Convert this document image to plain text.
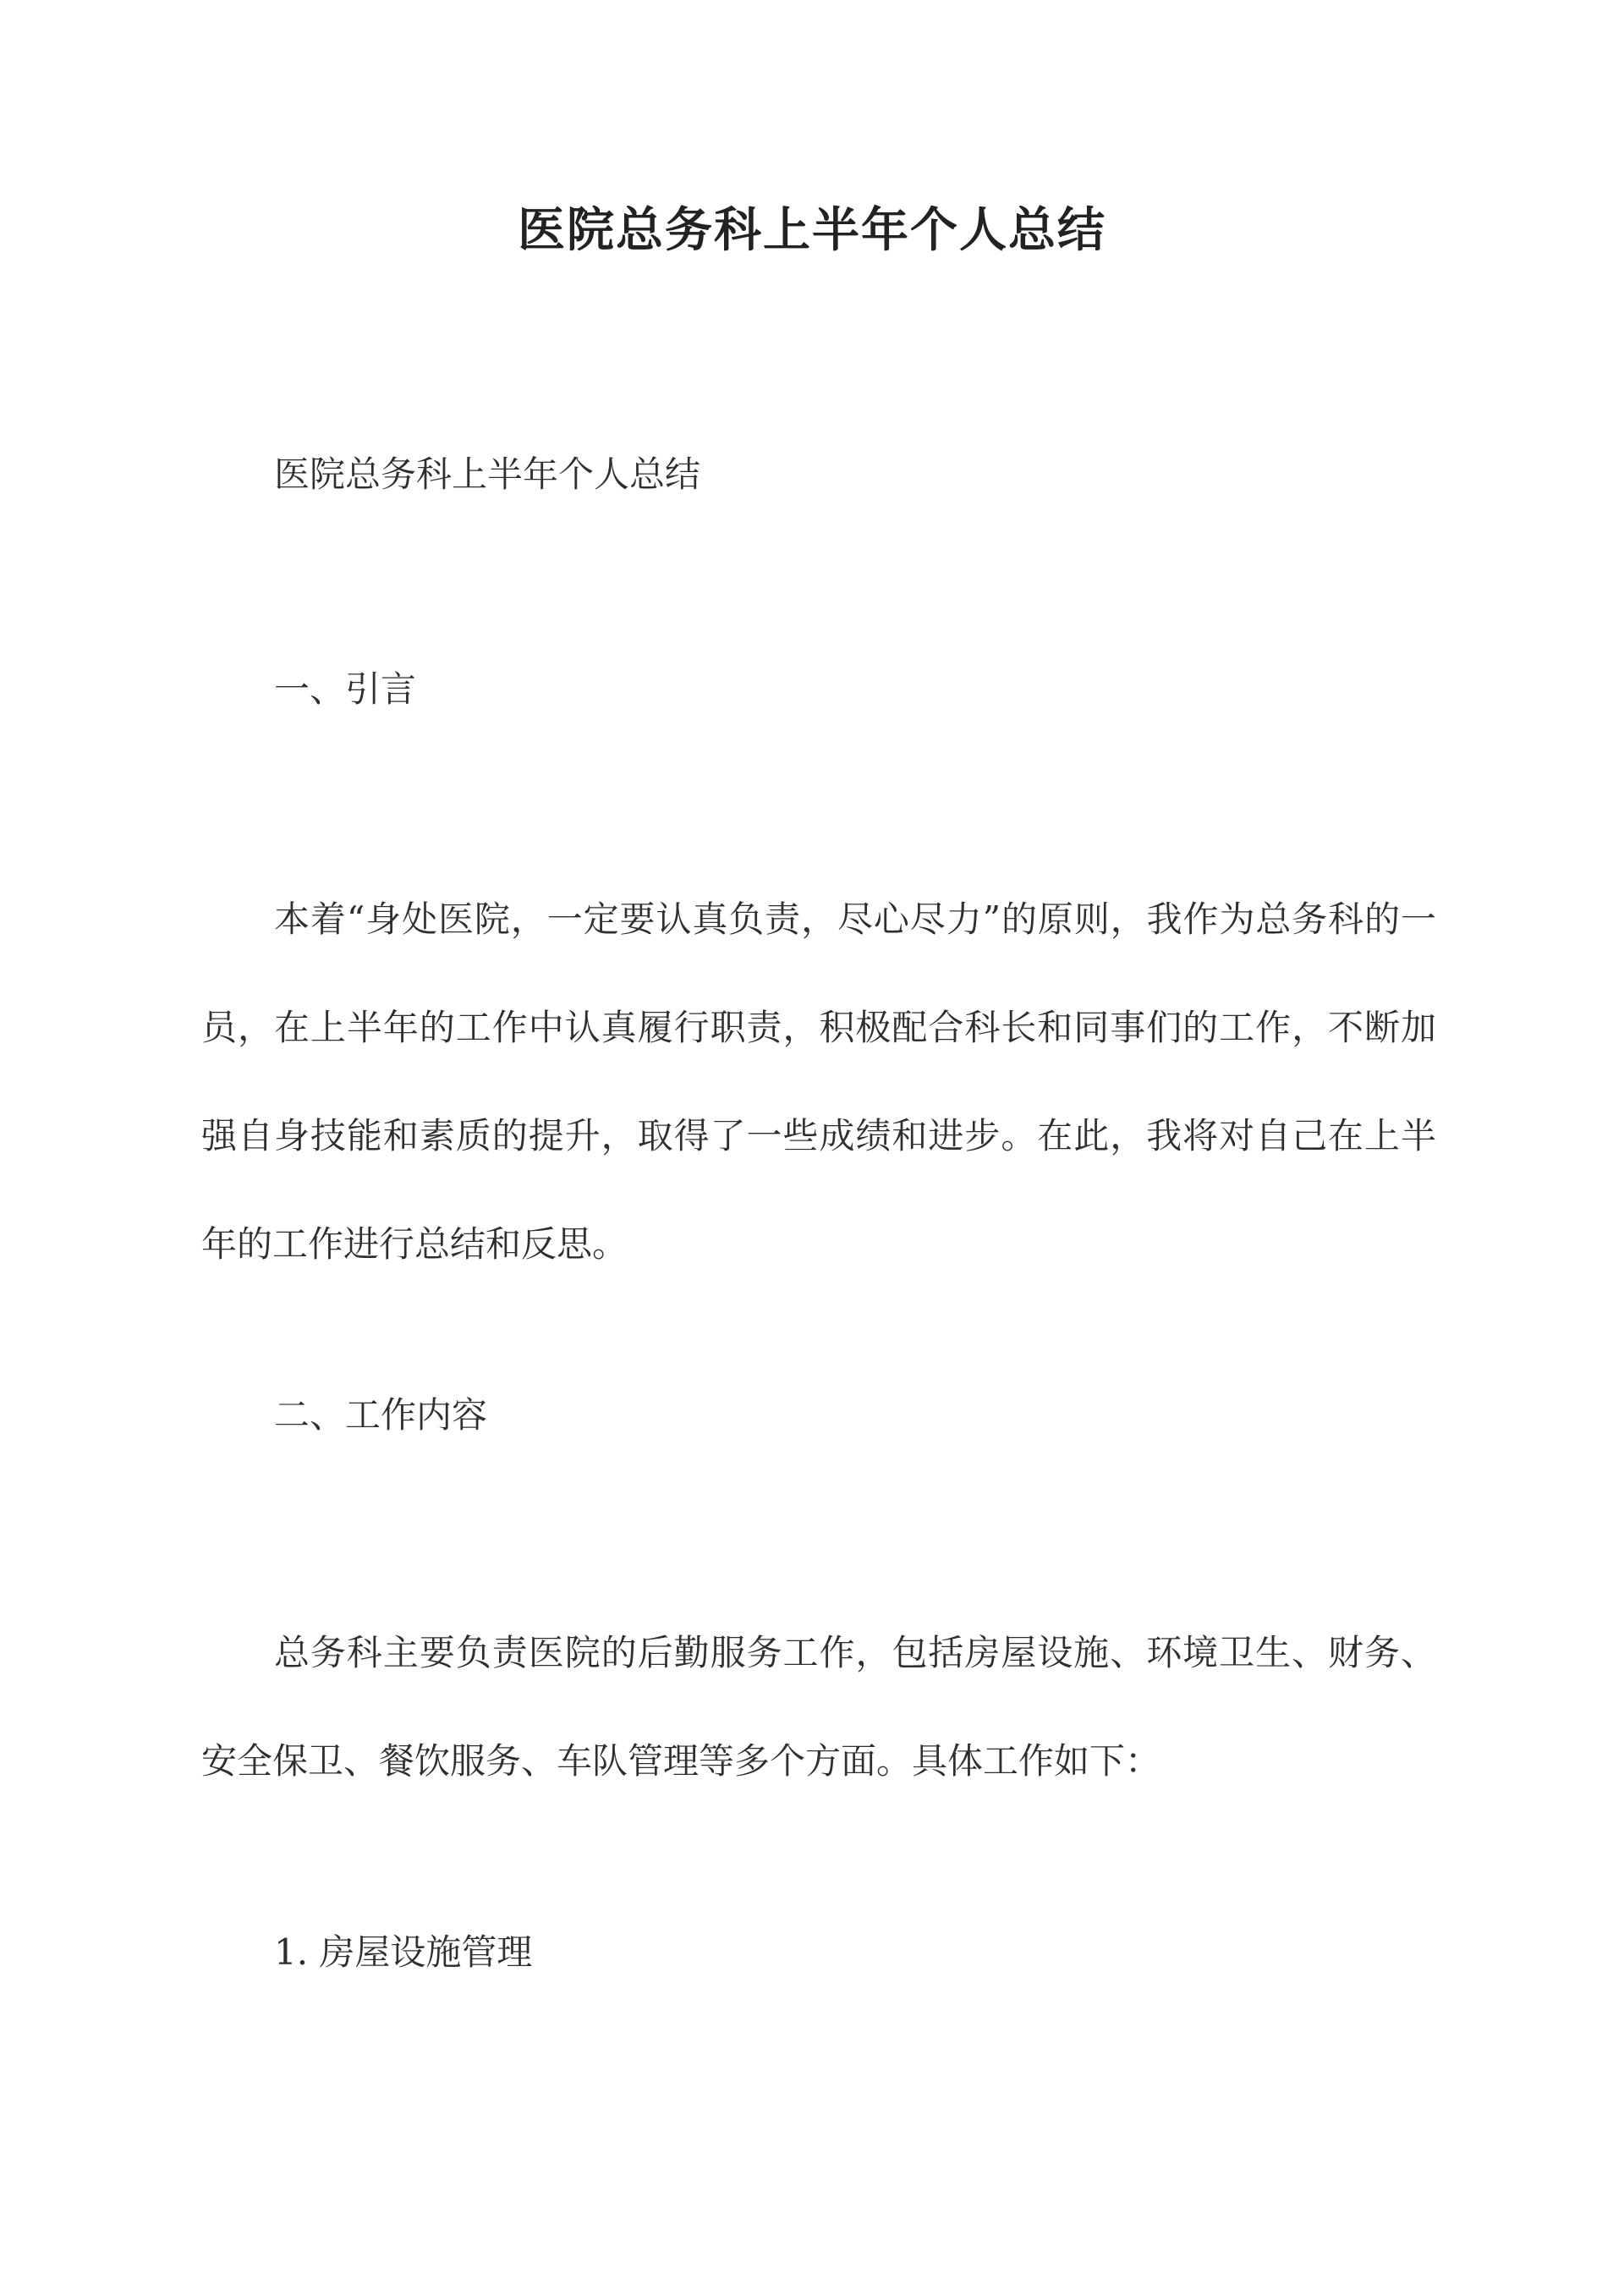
医院总务科上半年个人总结
医院总务科上半年个人总结
一、引言
本着“身处医院，一定要认真负责，尽心尽力”的原则，我作为总务科的一员，在上半年的工作中认真履行职责，积极配合科长和同事们的工作，不断加强自身技能和素质的提升，取得了一些成绩和进步。在此，我将对自己在上半年的工作进行总结和反思。
二、工作内容
总务科主要负责医院的后勤服务工作，包括房屋设施、环境卫生、财务、安全保卫、餐饮服务、车队管理等多个方面。具体工作如下：
1. 房屋设施管理
